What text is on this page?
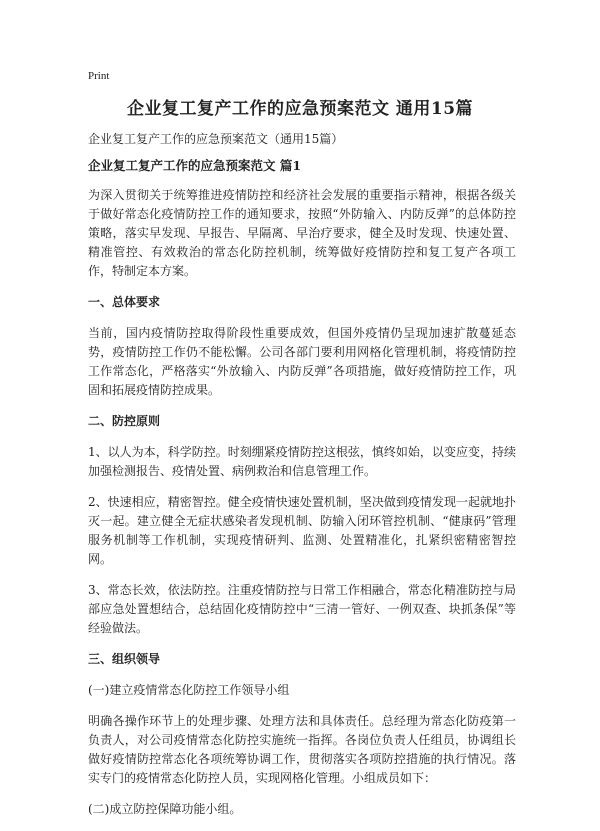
Print
企业复工复产工作的应急预案范文 通用15篇

企业复工复产工作的应急预案范文（通用15篇）

企业复工复产工作的应急预案范文 篇1

为深入贯彻关于统筹推进疫情防控和经济社会发展的重要指示精神，根据各级关于做好常态化疫情防控工作的通知要求，按照“外防输入、内防反弹”的总体防控策略，落实早发现、早报告、早隔离、早治疗要求，健全及时发现、快速处置、精准管控、有效救治的常态化防控机制，统筹做好疫情防控和复工复产各项工作，特制定本方案。

一、总体要求

当前，国内疫情防控取得阶段性重要成效，但国外疫情仍呈现加速扩散蔓延态势，疫情防控工作仍不能松懈。公司各部门要利用网格化管理机制，将疫情防控工作常态化，严格落实“外放输入、内防反弹”各项措施，做好疫情防控工作，巩固和拓展疫情防控成果。

二、防控原则

1、以人为本，科学防控。时刻绷紧疫情防控这根弦，慎终如始，以变应变，持续加强检测报告、疫情处置、病例救治和信息管理工作。

2、快速相应，精密智控。健全疫情快速处置机制，坚决做到疫情发现一起就地扑灭一起。建立健全无症状感染者发现机制、防输入闭环管控机制、“健康码”管理服务机制等工作机制，实现疫情研判、监测、处置精准化，扎紧织密精密智控网。

3、常态长效，依法防控。注重疫情防控与日常工作相融合，常态化精准防控与局部应急处置想结合，总结固化疫情防控中“三清一管好、一例双查、块抓条保”等经验做法。

三、组织领导

(一)建立疫情常态化防控工作领导小组

明确各操作环节上的处理步骤、处理方法和具体责任。总经理为常态化防疫第一负责人，对公司疫情常态化防控实施统一指挥。各岗位负责人任组员，协调组长做好疫情防控常态化各项统筹协调工作，贯彻落实各项防控措施的执行情况。落实专门的疫情常态化防控人员，实现网格化管理。小组成员如下：

(二)成立防控保障功能小组。
